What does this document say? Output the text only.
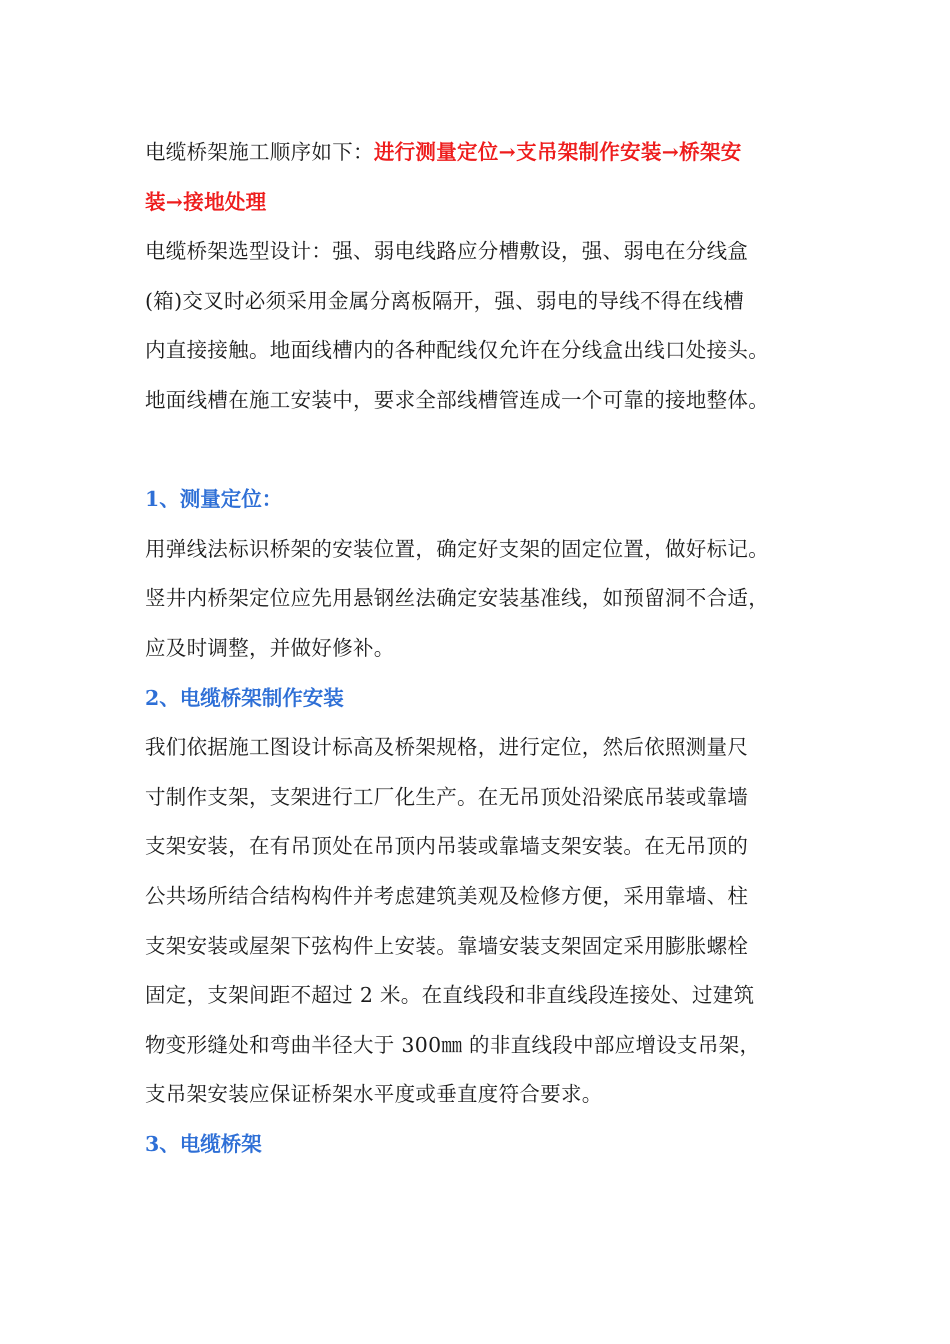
电缆桥架施工顺序如下：进行测量定位→支吊架制作安装→桥架安
装→接地处理
电缆桥架选型设计：强、弱电线路应分槽敷设，强、弱电在分线盒
(箱)交叉时必须采用金属分离板隔开，强、弱电的导线不得在线槽
内直接接触。地面线槽内的各种配线仅允许在分线盒出线口处接头。
地面线槽在施工安装中，要求全部线槽管连成一个可靠的接地整体。
1、测量定位：
用弹线法标识桥架的安装位置，确定好支架的固定位置，做好标记。
竖井内桥架定位应先用悬钢丝法确定安装基准线，如预留洞不合适，
应及时调整，并做好修补。
2、电缆桥架制作安装
我们依据施工图设计标高及桥架规格，进行定位，然后依照测量尺
寸制作支架，支架进行工厂化生产。在无吊顶处沿梁底吊装或靠墙
支架安装，在有吊顶处在吊顶内吊装或靠墙支架安装。在无吊顶的
公共场所结合结构构件并考虑建筑美观及检修方便，采用靠墙、柱
支架安装或屋架下弦构件上安装。靠墙安装支架固定采用膨胀螺栓
固定，支架间距不超过 2 米。在直线段和非直线段连接处、过建筑
物变形缝处和弯曲半径大于 300㎜ 的非直线段中部应增设支吊架，
支吊架安装应保证桥架水平度或垂直度符合要求。
3、电缆桥架
